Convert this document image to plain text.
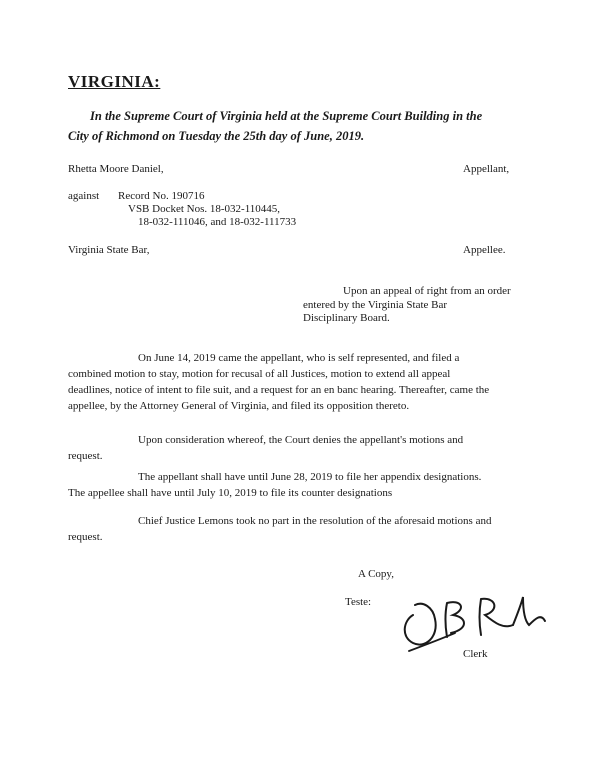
VIRGINIA:
In the Supreme Court of Virginia held at the Supreme Court Building in the
City of Richmond on Tuesday the 25th day of June, 2019.
Rhetta Moore Daniel,	Appellant,
against Record No. 190716
VSB Docket Nos. 18-032-110445,
18-032-111046, and 18-032-111733
Virginia State Bar,	Appellee.
Upon an appeal of right from an order
entered by the Virginia State Bar
Disciplinary Board.
On June 14, 2019 came the appellant, who is self represented, and filed a
combined motion to stay, motion for recusal of all Justices, motion to extend all appeal
deadlines, notice of intent to file suit, and a request for an en banc hearing. Thereafter, came the
appellee, by the Attorney General of Virginia, and filed its opposition thereto.
Upon consideration whereof, the Court denies the appellant's motions and
request.
The appellant shall have until June 28, 2019 to file her appendix designations.
The appellee shall have until July 10, 2019 to file its counter designations
Chief Justice Lemons took no part in the resolution of the aforesaid motions and
request.
A Copy,
Teste:
Clerk
